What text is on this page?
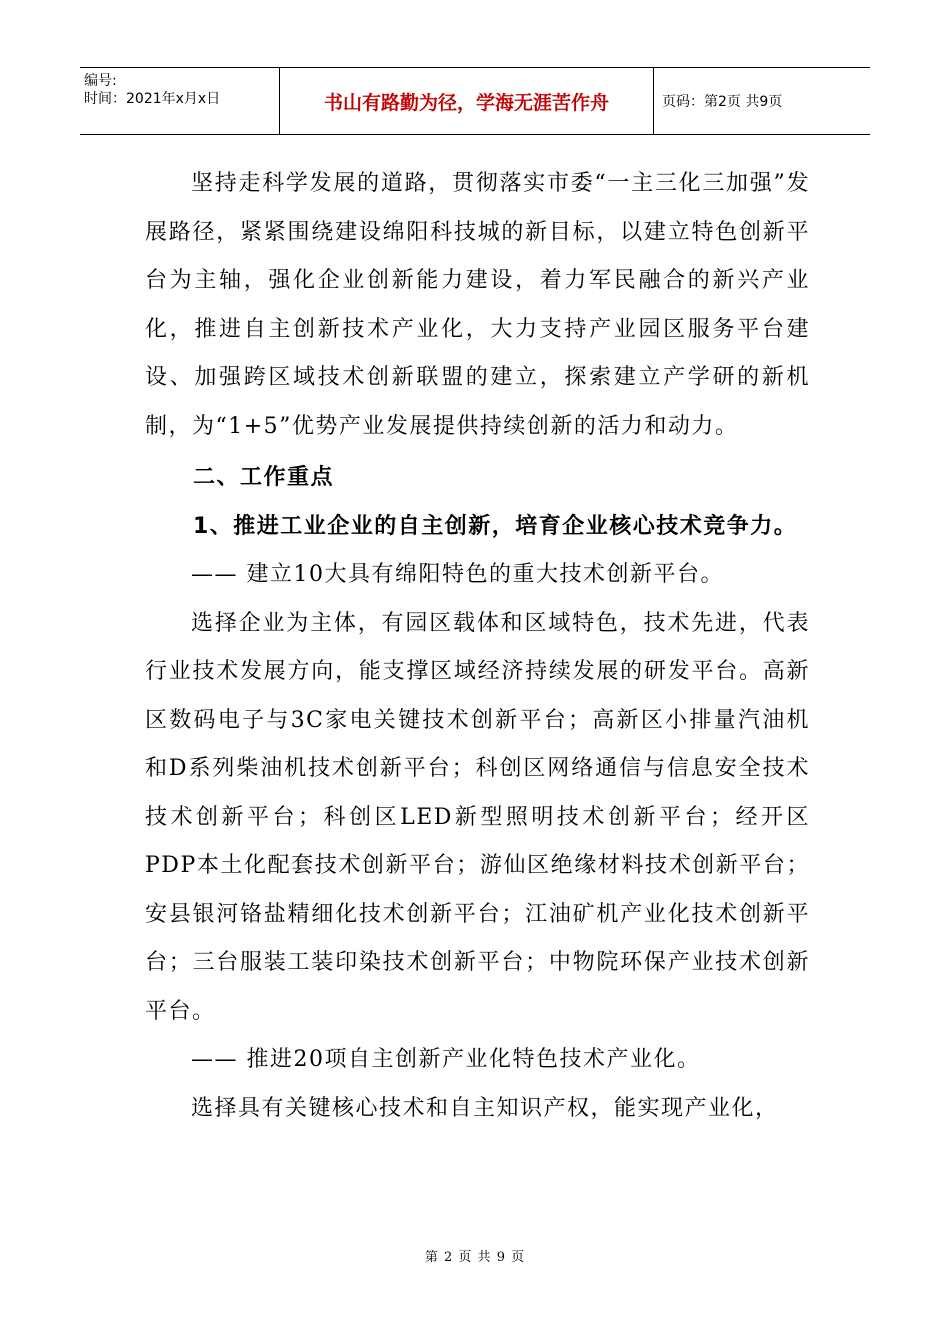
编号:
时间：2021年x月x日	书山有路勤为径，学海无涯苦作舟	页码：第2页 共9页

坚持走科学发展的道路，贯彻落实市委“一主三化三加强”发展路径，紧紧围绕建设绵阳科技城的新目标，以建立特色创新平台为主轴，强化企业创新能力建设，着力军民融合的新兴产业化，推进自主创新技术产业化，大力支持产业园区服务平台建设、加强跨区域技术创新联盟的建立，探索建立产学研的新机制，为“1+5”优势产业发展提供持续创新的活力和动力。

二、工作重点

1、推进工业企业的自主创新，培育企业核心技术竞争力。

—— 建立10大具有绵阳特色的重大技术创新平台。

选择企业为主体，有园区载体和区域特色，技术先进，代表行业技术发展方向，能支撑区域经济持续发展的研发平台。高新区数码电子与3C家电关键技术创新平台；高新区小排量汽油机和D系列柴油机技术创新平台；科创区网络通信与信息安全技术技术创新平台；科创区LED新型照明技术创新平台；经开区PDP本土化配套技术创新平台；游仙区绝缘材料技术创新平台；安县银河铬盐精细化技术创新平台；江油矿机产业化技术创新平台；三台服装工装印染技术创新平台；中物院环保产业技术创新平台。

—— 推进20项自主创新产业化特色技术产业化。

选择具有关键核心技术和自主知识产权，能实现产业化，

第 2 页 共 9 页
